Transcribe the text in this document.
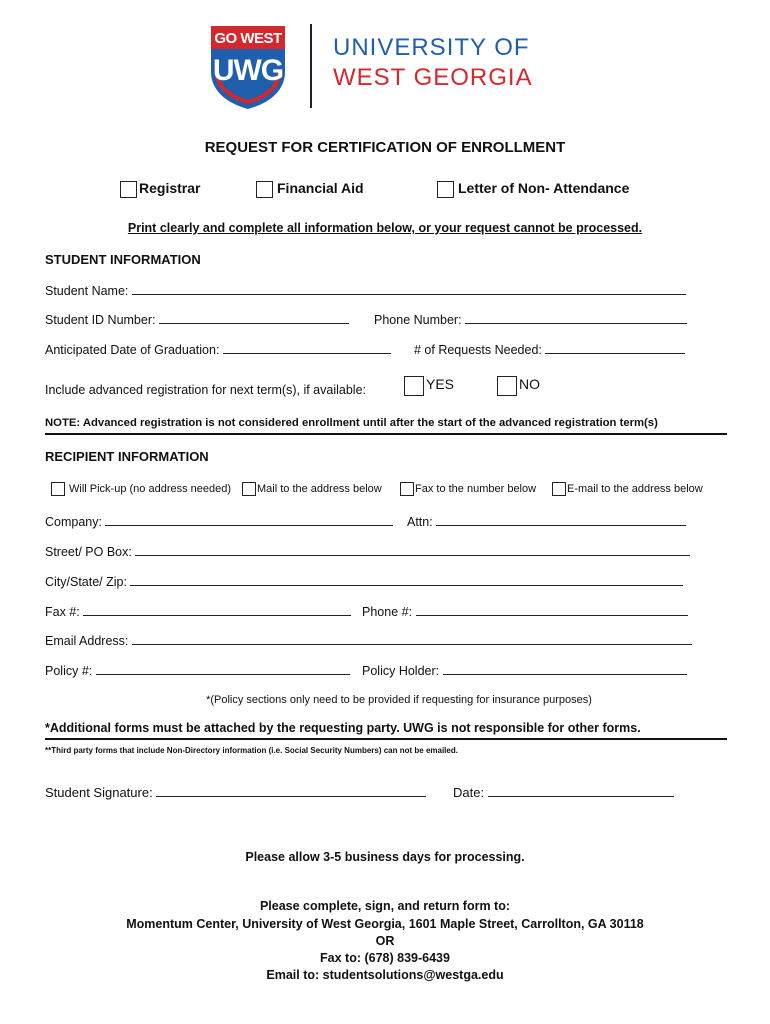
GO WEST
UWG
UNIVERSITY OF
WEST GEORGIA
REQUEST FOR CERTIFICATION OF ENROLLMENT
Registrar	Financial Aid	Letter of Non- Attendance
Print clearly and complete all information below, or your request cannot be processed.
STUDENT INFORMATION
Student Name:
Student ID Number:	Phone Number:
Anticipated Date of Graduation:	# of Requests Needed:
Include advanced registration for next term(s), if available:	YES	NO
NOTE: Advanced registration is not considered enrollment until after the start of the advanced registration term(s)
RECIPIENT INFORMATION
Will Pick-up (no address needed)	Mail to the address below	Fax to the number below	E-mail to the address below
Company:	Attn:
Street/ PO Box:
City/State/ Zip:
Fax #:	Phone #:
Email Address:
Policy #:	Policy Holder:
*(Policy sections only need to be provided if requesting for insurance purposes)
*Additional forms must be attached by the requesting party. UWG is not responsible for other forms.
**Third party forms that include Non-Directory information (i.e. Social Security Numbers) can not be emailed.
Student Signature:	Date:
Please allow 3-5 business days for processing.
Please complete, sign, and return form to:
Momentum Center, University of West Georgia, 1601 Maple Street, Carrollton, GA 30118
OR
Fax to: (678) 839-6439
Email to: studentsolutions@westga.edu
